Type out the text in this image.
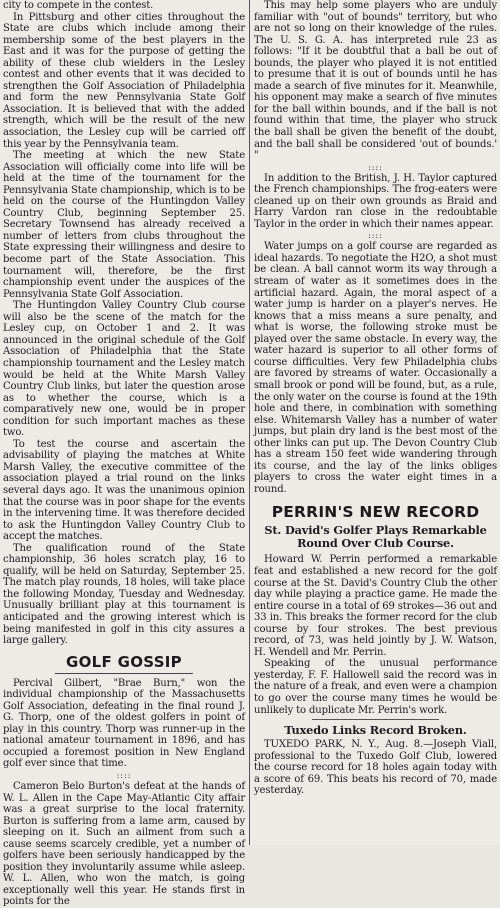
city to compete in the contest.

In Pittsburg and other cities throughout the State are clubs which include among their membership some of the best players in the East and it was for the purpose of getting the ability of these club wielders in the Lesley contest and other events that it was decided to strengthen the Golf Association of Philadelphia and form the new Pennsylvania State Golf Association. It is believed that with the added strength, which will be the result of the new association, the Lesley cup will be carried off this year by the Pennsylvania team.

The meeting at which the new State Association will officially come into life will be held at the time of the tournament for the Pennsylvania State championship, which is to be held on the course of the Huntingdon Valley Country Club, beginning September 25. Secretary Townsend has already received a number of letters from clubs throughout the State expressing their willingness and desire to become part of the State Association. This tournament will, therefore, be the first championship event under the auspices of the Pennsylvania State Golf Association.

The Huntingdon Valley Country Club course will also be the scene of the match for the Lesley cup, on October 1 and 2. It was announced in the original schedule of the Golf Association of Philadelphia that the State championship tournament and the Lesley match would be held at the White Marsh Valley Country Club links, but later the question arose as to whether the course, which is a comparatively new one, would be in proper condition for such important maches as these two.

To test the course and ascertain the advisability of playing the matches at White Marsh Valley, the executive committee of the association played a trial round on the links several days ago. It was the unanimous opinion that the course was in poor shape for the events in the intervening time. It was therefore decided to ask the Huntingdon Valley Country Club to accept the matches.

The qualification round of the State championship, 36 holes scratch play, 16 to qualify, will be held on Saturday, September 25. The match play rounds, 18 holes, will take place the following Monday, Tuesday and Wednesday. Unusually brilliant play at this tournament is anticipated and the growing interest which is being manifested in golf in this city assures a large gallery.

GOLF GOSSIP

Percival Gilbert, "Brae Burn," won the individual championship of the Massachusetts Golf Association, defeating in the final round J. G. Thorp, one of the oldest golfers in point of play in this country. Thorp was runner-up in the national amateur tournament in 1896, and has occupied a foremost position in New England golf ever since that time.

::::

Cameron Belo Burton's defeat at the hands of W. L. Allen in the Cape May-Atlantic City affair was a great surprise to the local fraternity. Burton is suffering from a lame arm, caused by sleeping on it. Such an ailment from such a cause seems scarcely credible, yet a number of golfers have been seriously handicapped by the position they involuntarily assume while asleep. W. L. Allen, who won the match, is going exceptionally well this year. He stands first in points for the

This may help some players who are unduly familiar with "out of bounds" territory, but who are not so long on their knowledge of the rules. The U. S. G. A. has interpreted rule 23 as follows: "If it be doubtful that a ball be out of bounds, the player who played it is not entitled to presume that it is out of bounds until he has made a search of five minutes for it. Meanwhile, his opponent may make a search of five minutes for the ball within bounds, and if the ball is not found within that time, the player who struck the ball shall be given the benefit of the doubt, and the ball shall be considered 'out of bounds.' "

::::

In addition to the British, J. H. Taylor captured the French championships. The frog-eaters were cleaned up on their own grounds as Braid and Harry Vardon ran close in the redoubtable Taylor in the order in which their names appear.

::::

Water jumps on a golf course are regarded as ideal hazards. To negotiate the H2O, a shot must be clean. A ball cannot worm its way through a stream of water as it sometimes does in the artificial hazard. Again, the moral aspect of a water jump is harder on a player's nerves. He knows that a miss means a sure penalty, and what is worse, the following stroke must be played over the same obstacle. In every way, the water hazard is superior to all other forms of course difficulties. Very few Philadelphia clubs are favored by streams of water. Occasionally a small brook or pond will be found, but, as a rule, the only water on the course is found at the 19th hole and there, in combination with something else. Whitemarsh Valley has a number of water jumps, but plain dry land is the best most of the other links can put up. The Devon Country Club has a stream 150 feet wide wandering through its course, and the lay of the links obliges players to cross the water eight times in a round.

PERRIN'S NEW RECORD
St. David's Golfer Plays Remarkable Round Over Club Course.

Howard W. Perrin performed a remarkable feat and established a new record for the golf course at the St. David's Country Club the other day while playing a practice game. He made the entire course in a total of 69 strokes—36 out and 33 in. This breaks the former record for the club course by four strokes. The best previous record, of 73, was held jointly by J. W. Watson, H. Wendell and Mr. Perrin.

Speaking of the unusual performance yesterday, F. F. Hallowell said the record was in the nature of a freak, and even were a champion to go over the course many times he would be unlikely to duplicate Mr. Perrin's work.

Tuxedo Links Record Broken.

TUXEDO PARK, N. Y., Aug. 8.—Joseph Viall, professional to the Tuxedo Golf Club, lowered the course record for 18 holes again today with a score of 69. This beats his record of 70, made yesterday.
